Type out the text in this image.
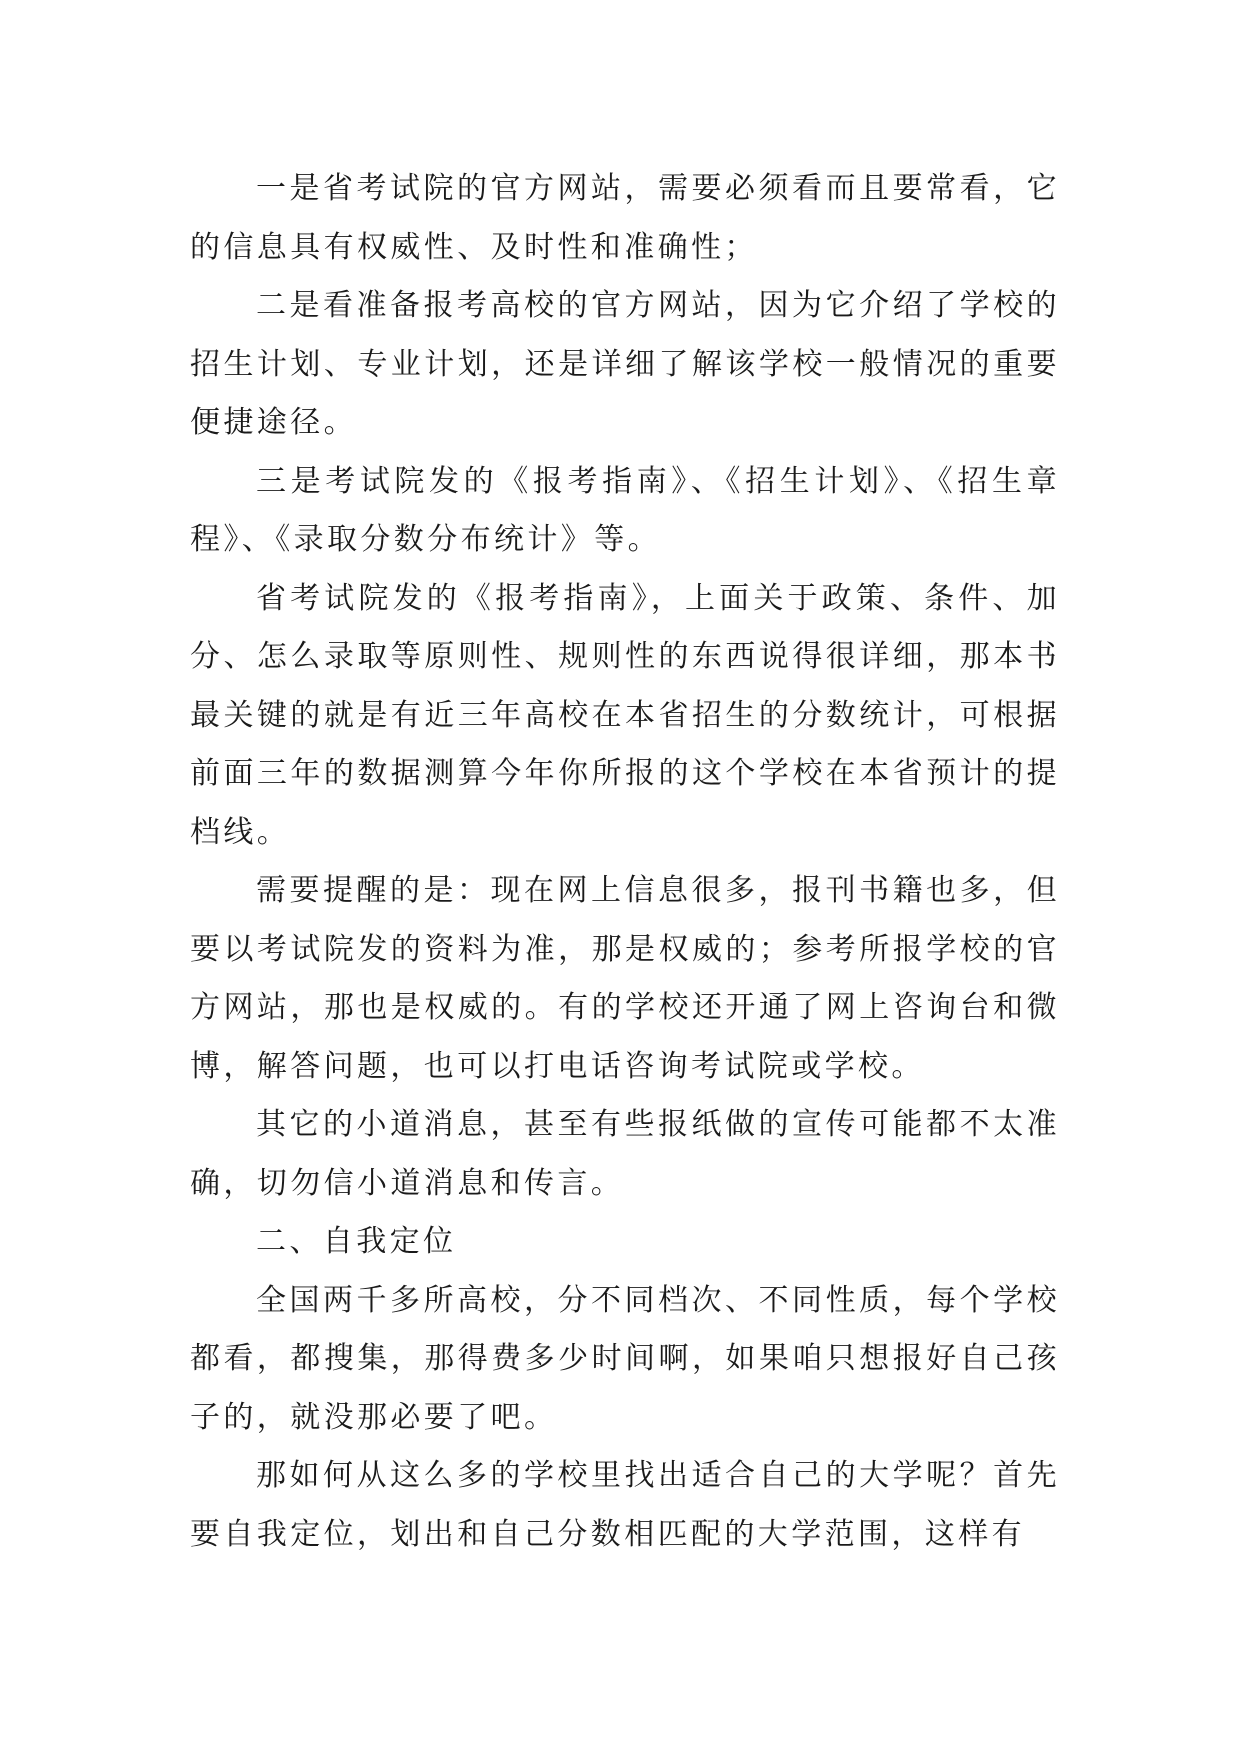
一是省考试院的官方网站，需要必须看而且要常看，它的信息具有权威性、及时性和准确性；

二是看准备报考高校的官方网站，因为它介绍了学校的招生计划、专业计划，还是详细了解该学校一般情况的重要便捷途径。

三是考试院发的《报考指南》、《招生计划》、《招生章程》、《录取分数分布统计》等。

省考试院发的《报考指南》，上面关于政策、条件、加分、怎么录取等原则性、规则性的东西说得很详细，那本书最关键的就是有近三年高校在本省招生的分数统计，可根据前面三年的数据测算今年你所报的这个学校在本省预计的提档线。

需要提醒的是：现在网上信息很多，报刊书籍也多，但要以考试院发的资料为准，那是权威的；参考所报学校的官方网站，那也是权威的。有的学校还开通了网上咨询台和微博，解答问题，也可以打电话咨询考试院或学校。

其它的小道消息，甚至有些报纸做的宣传可能都不太准确，切勿信小道消息和传言。

二、自我定位

全国两千多所高校，分不同档次、不同性质，每个学校都看，都搜集，那得费多少时间啊，如果咱只想报好自己孩子的，就没那必要了吧。

那如何从这么多的学校里找出适合自己的大学呢？首先要自我定位，划出和自己分数相匹配的大学范围，这样有
